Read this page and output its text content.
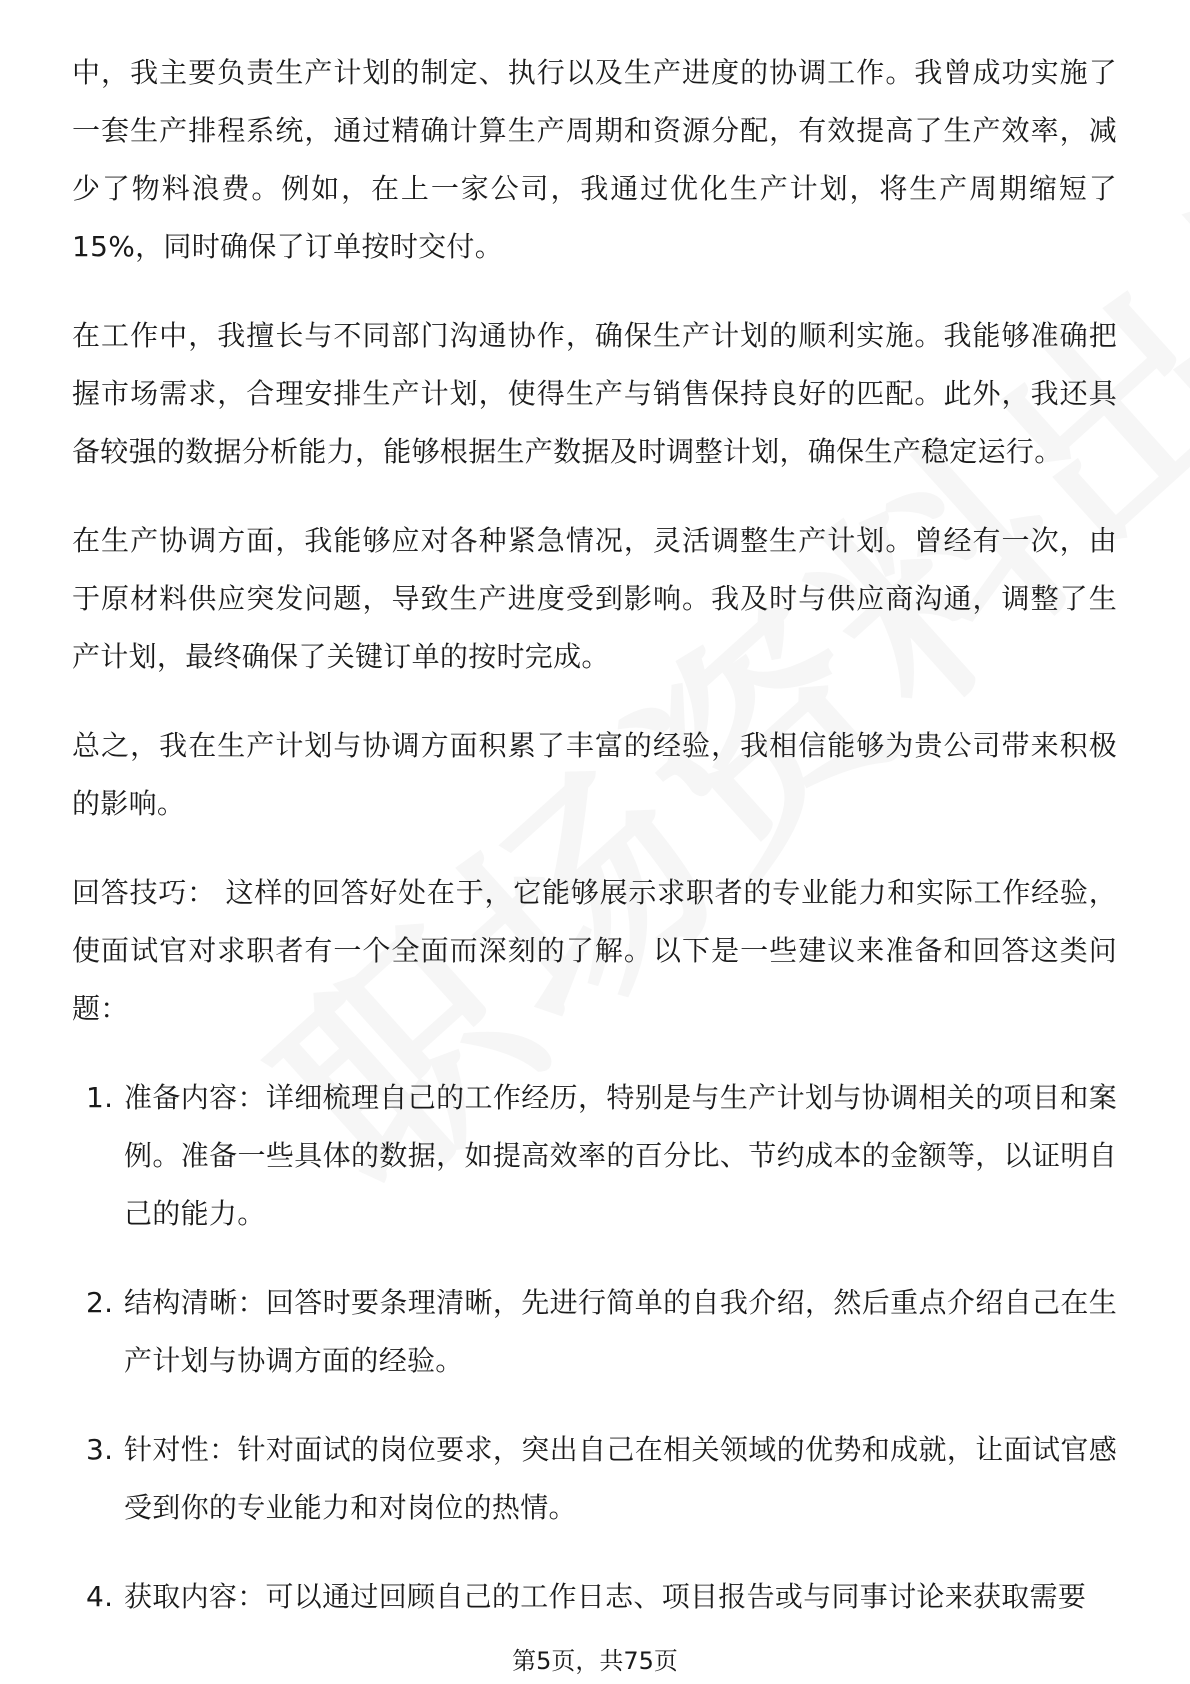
中，我主要负责生产计划的制定、执行以及生产进度的协调工作。我曾成功实施了一套生产排程系统，通过精确计算生产周期和资源分配，有效提高了生产效率，减少了物料浪费。例如，在上一家公司，我通过优化生产计划，将生产周期缩短了15%，同时确保了订单按时交付。

在工作中，我擅长与不同部门沟通协作，确保生产计划的顺利实施。我能够准确把握市场需求，合理安排生产计划，使得生产与销售保持良好的匹配。此外，我还具备较强的数据分析能力，能够根据生产数据及时调整计划，确保生产稳定运行。

在生产协调方面，我能够应对各种紧急情况，灵活调整生产计划。曾经有一次，由于原材料供应突发问题，导致生产进度受到影响。我及时与供应商沟通，调整了生产计划，最终确保了关键订单的按时完成。

总之，我在生产计划与协调方面积累了丰富的经验，我相信能够为贵公司带来积极的影响。

回答技巧： 这样的回答好处在于，它能够展示求职者的专业能力和实际工作经验，使面试官对求职者有一个全面而深刻的了解。以下是一些建议来准备和回答这类问题：

1. 准备内容：详细梳理自己的工作经历，特别是与生产计划与协调相关的项目和案例。准备一些具体的数据，如提高效率的百分比、节约成本的金额等，以证明自己的能力。
2. 结构清晰：回答时要条理清晰，先进行简单的自我介绍，然后重点介绍自己在生产计划与协调方面的经验。
3. 针对性：针对面试的岗位要求，突出自己在相关领域的优势和成就，让面试官感受到你的专业能力和对岗位的热情。
4. 获取内容：可以通过回顾自己的工作日志、项目报告或与同事讨论来获取需要
第5页，共75页
